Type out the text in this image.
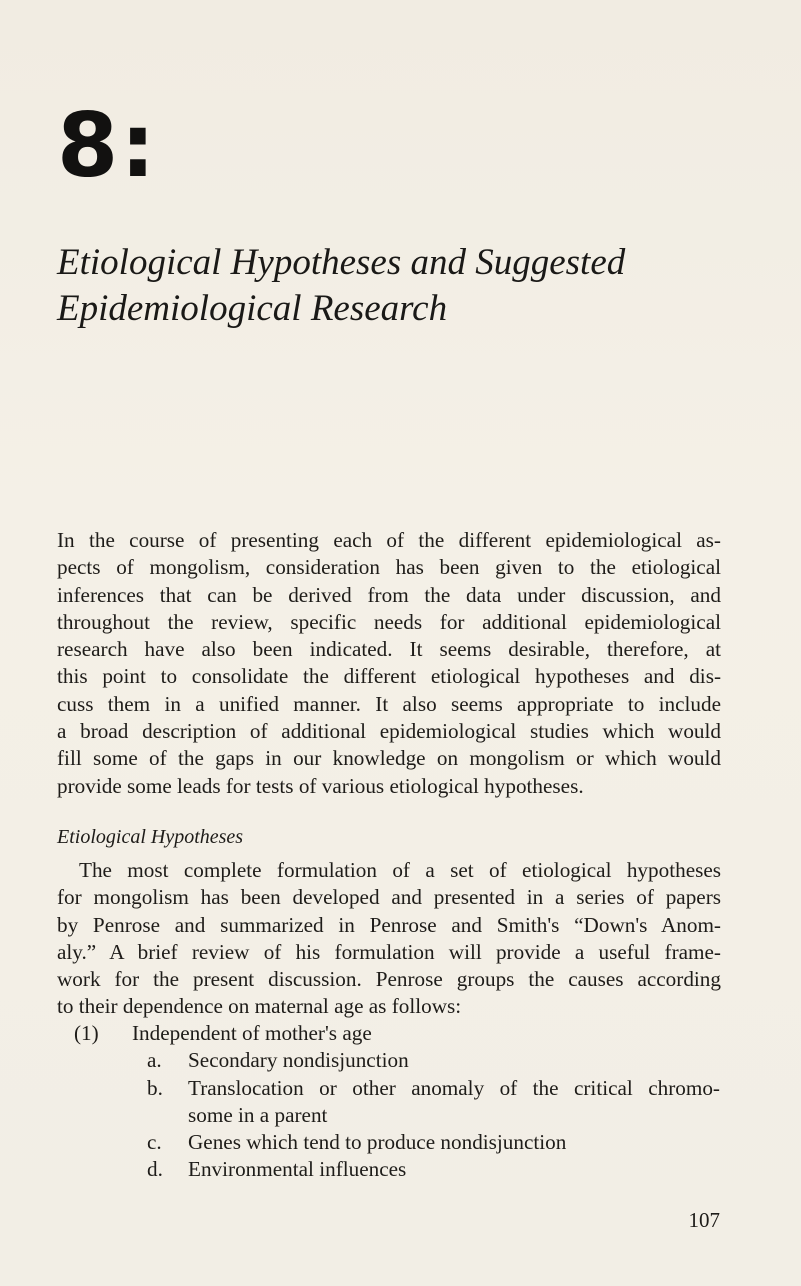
8:
Etiological Hypotheses and Suggested
Epidemiological Research
In the course of presenting each of the different epidemiological as-
pects of mongolism, consideration has been given to the etiological
inferences that can be derived from the data under discussion, and
throughout the review, specific needs for additional epidemiological
research have also been indicated. It seems desirable, therefore, at
this point to consolidate the different etiological hypotheses and dis-
cuss them in a unified manner. It also seems appropriate to include
a broad description of additional epidemiological studies which would
fill some of the gaps in our knowledge on mongolism or which would
provide some leads for tests of various etiological hypotheses.
Etiological Hypotheses
The most complete formulation of a set of etiological hypotheses
for mongolism has been developed and presented in a series of papers
by Penrose and summarized in Penrose and Smith's “Down's Anom-
aly.” A brief review of his formulation will provide a useful frame-
work for the present discussion. Penrose groups the causes according
to their dependence on maternal age as follows:
(1)	Independent of mother's age
a.	Secondary nondisjunction
b.	Translocation or other anomaly of the critical chromo-
some in a parent
c.	Genes which tend to produce nondisjunction
d.	Environmental influences
107
